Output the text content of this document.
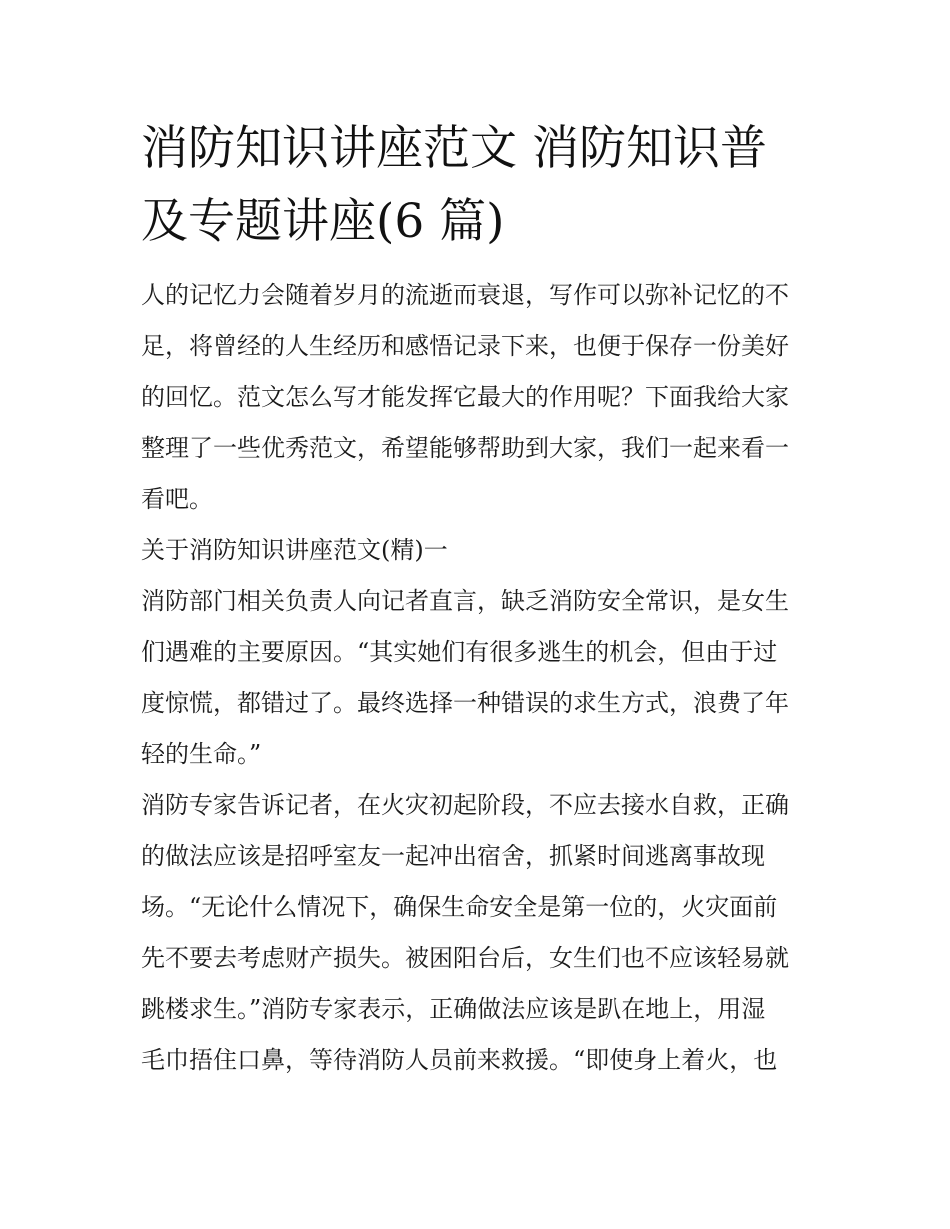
消防知识讲座范文 消防知识普
及专题讲座(6 篇)

人的记忆力会随着岁月的流逝而衰退，写作可以弥补记忆的不
足，将曾经的人生经历和感悟记录下来，也便于保存一份美好
的回忆。范文怎么写才能发挥它最大的作用呢？下面我给大家
整理了一些优秀范文，希望能够帮助到大家，我们一起来看一
看吧。

关于消防知识讲座范文(精)一

消防部门相关负责人向记者直言，缺乏消防安全常识，是女生
们遇难的主要原因。“其实她们有很多逃生的机会，但由于过
度惊慌，都错过了。最终选择一种错误的求生方式，浪费了年
轻的生命。”

消防专家告诉记者，在火灾初起阶段，不应去接水自救，正确
的做法应该是招呼室友一起冲出宿舍，抓紧时间逃离事故现
场。“无论什么情况下，确保生命安全是第一位的，火灾面前
先不要去考虑财产损失。被困阳台后，女生们也不应该轻易就
跳楼求生。”消防专家表示，正确做法应该是趴在地上，用湿
毛巾捂住口鼻，等待消防人员前来救援。“即使身上着火，也
